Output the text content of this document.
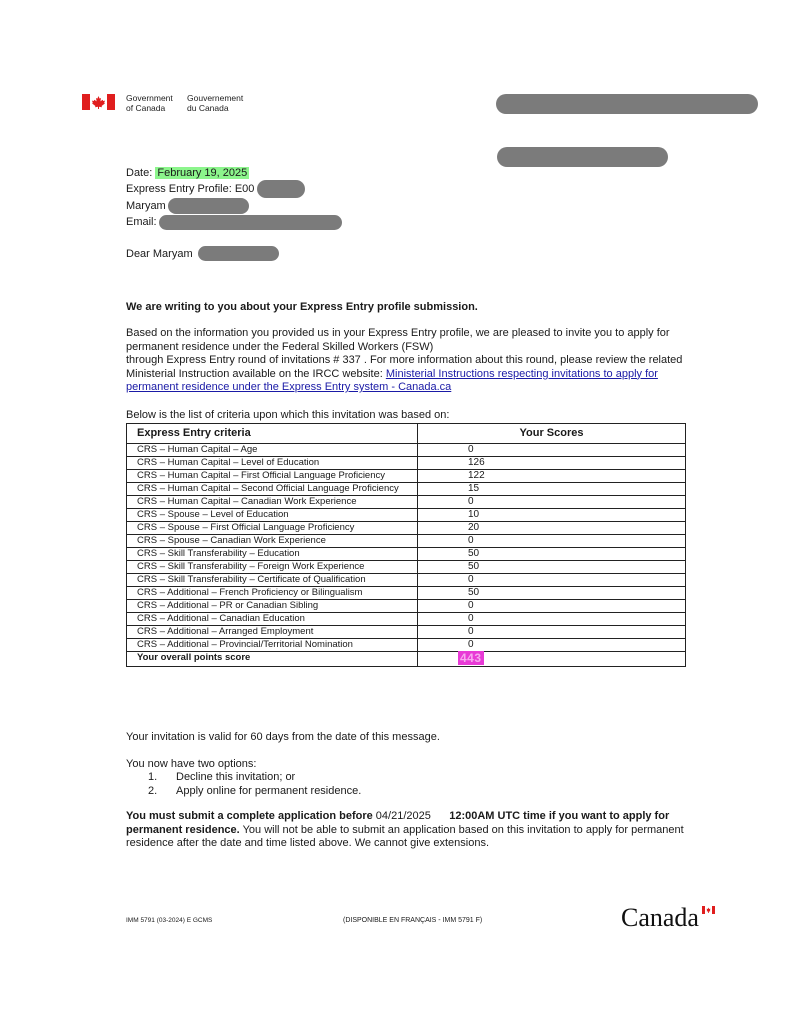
Government
of Canada
Gouvernement
du Canada
Date: February 19, 2025
Express Entry Profile: E00
Maryam
Email:
Dear Maryam
We are writing to you about your Express Entry profile submission.
Based on the information you provided us in your Express Entry profile, we are pleased to invite you to apply for permanent residence under the Federal Skilled Workers (FSW)
through Express Entry round of invitations # 337 . For more information about this round, please review the related Ministerial Instruction available on the IRCC website: Ministerial Instructions respecting invitations to apply for permanent residence under the Express Entry system - Canada.ca
Below is the list of criteria upon which this invitation was based on:
Express Entry criteria	Your Scores
CRS – Human Capital – Age	0
CRS – Human Capital – Level of Education	126
CRS – Human Capital – First Official Language Proficiency	122
CRS – Human Capital – Second Official Language Proficiency	15
CRS – Human Capital – Canadian Work Experience	0
CRS – Spouse – Level of Education	10
CRS – Spouse – First Official Language Proficiency	20
CRS – Spouse – Canadian Work Experience	0
CRS – Skill Transferability – Education	50
CRS – Skill Transferability – Foreign Work Experience	50
CRS – Skill Transferability – Certificate of Qualification	0
CRS – Additional – French Proficiency or Bilingualism	50
CRS – Additional – PR or Canadian Sibling	0
CRS – Additional – Canadian Education	0
CRS – Additional – Arranged Employment	0
CRS – Additional – Provincial/Territorial Nomination	0
Your overall points score	443
Your invitation is valid for 60 days from the date of this message.
You now have two options:
1. Decline this invitation; or
2. Apply online for permanent residence.
You must submit a complete application before 04/21/2025 12:00AM UTC time if you want to apply for permanent residence. You will not be able to submit an application based on this invitation to apply for permanent residence after the date and time listed above. We cannot give extensions.
IMM 5791 (03-2024) E GCMS	(DISPONIBLE EN FRANÇAIS - IMM 5791 F)	Canada
